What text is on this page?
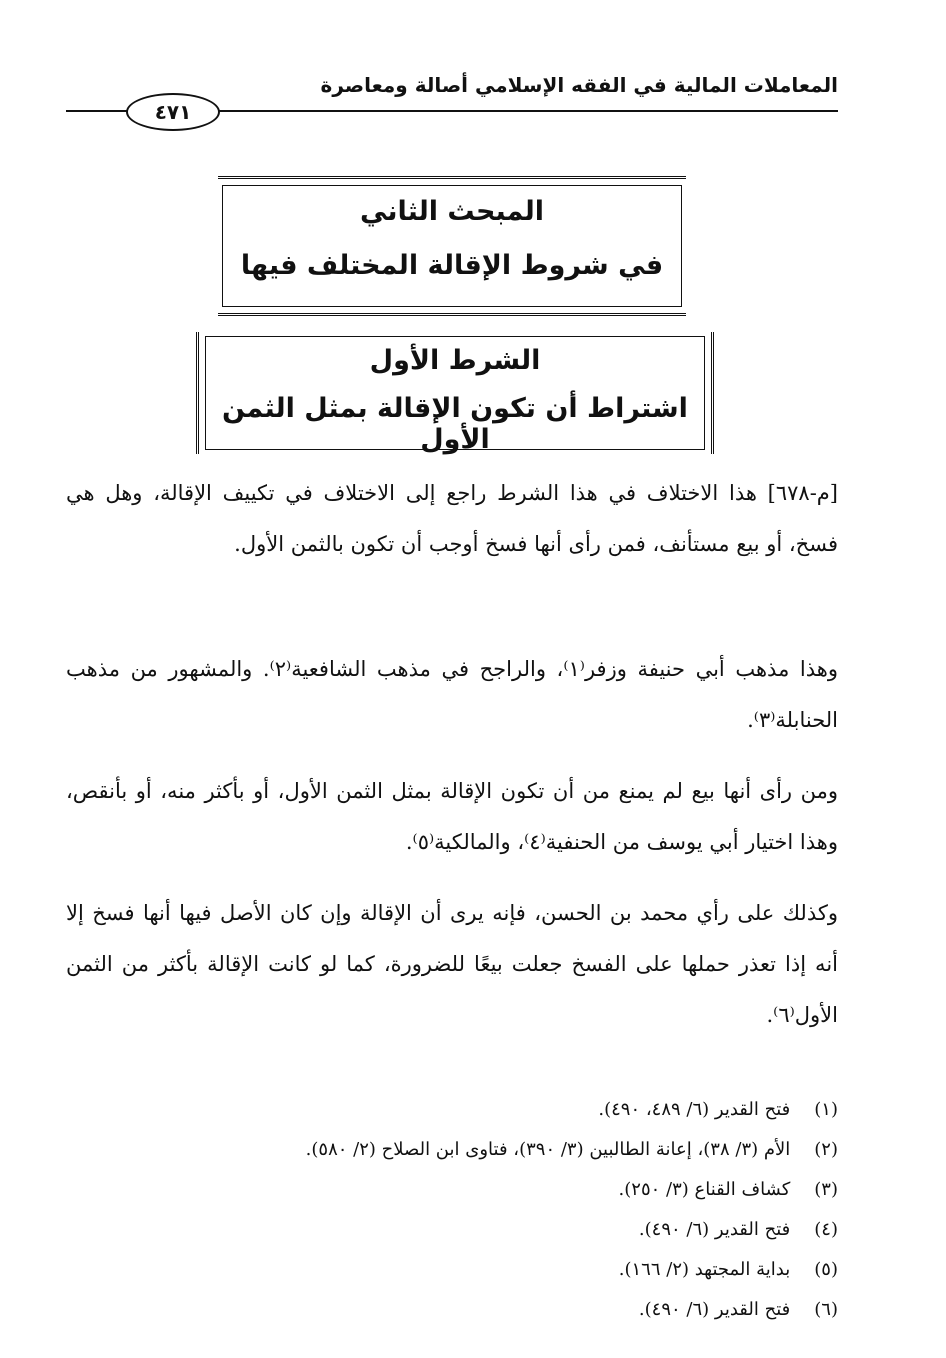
المعاملات المالية في الفقه الإسلامي أصالة ومعاصرة
٤٧١
المبحث الثاني
في شروط الإقالة المختلف فيها
الشرط الأول
اشتراط أن تكون الإقالة بمثل الثمن الأول

[م-٦٧٨] هذا الاختلاف في هذا الشرط راجع إلى الاختلاف في تكييف الإقالة، وهل هي فسخ، أو بيع مستأنف، فمن رأى أنها فسخ أوجب أن تكون بالثمن الأول.

وهذا مذهب أبي حنيفة وزفر⁽١⁾، والراجح في مذهب الشافعية⁽٢⁾. والمشهور من مذهب الحنابلة⁽٣⁾.

ومن رأى أنها بيع لم يمنع من أن تكون الإقالة بمثل الثمن الأول، أو بأكثر منه، أو بأنقص، وهذا اختيار أبي يوسف من الحنفية⁽٤⁾، والمالكية⁽٥⁾.

وكذلك على رأي محمد بن الحسن، فإنه يرى أن الإقالة وإن كان الأصل فيها أنها فسخ إلا أنه إذا تعذر حملها على الفسخ جعلت بيعًا للضرورة، كما لو كانت الإقالة بأكثر من الثمن الأول⁽٦⁾.

(١) فتح القدير (٦/ ٤٨٩، ٤٩٠).
(٢) الأم (٣/ ٣٨)، إعانة الطالبين (٣/ ٣٩٠)، فتاوى ابن الصلاح (٢/ ٥٨٠).
(٣) كشاف القناع (٣/ ٢٥٠).
(٤) فتح القدير (٦/ ٤٩٠).
(٥) بداية المجتهد (٢/ ١٦٦).
(٦) فتح القدير (٦/ ٤٩٠).
